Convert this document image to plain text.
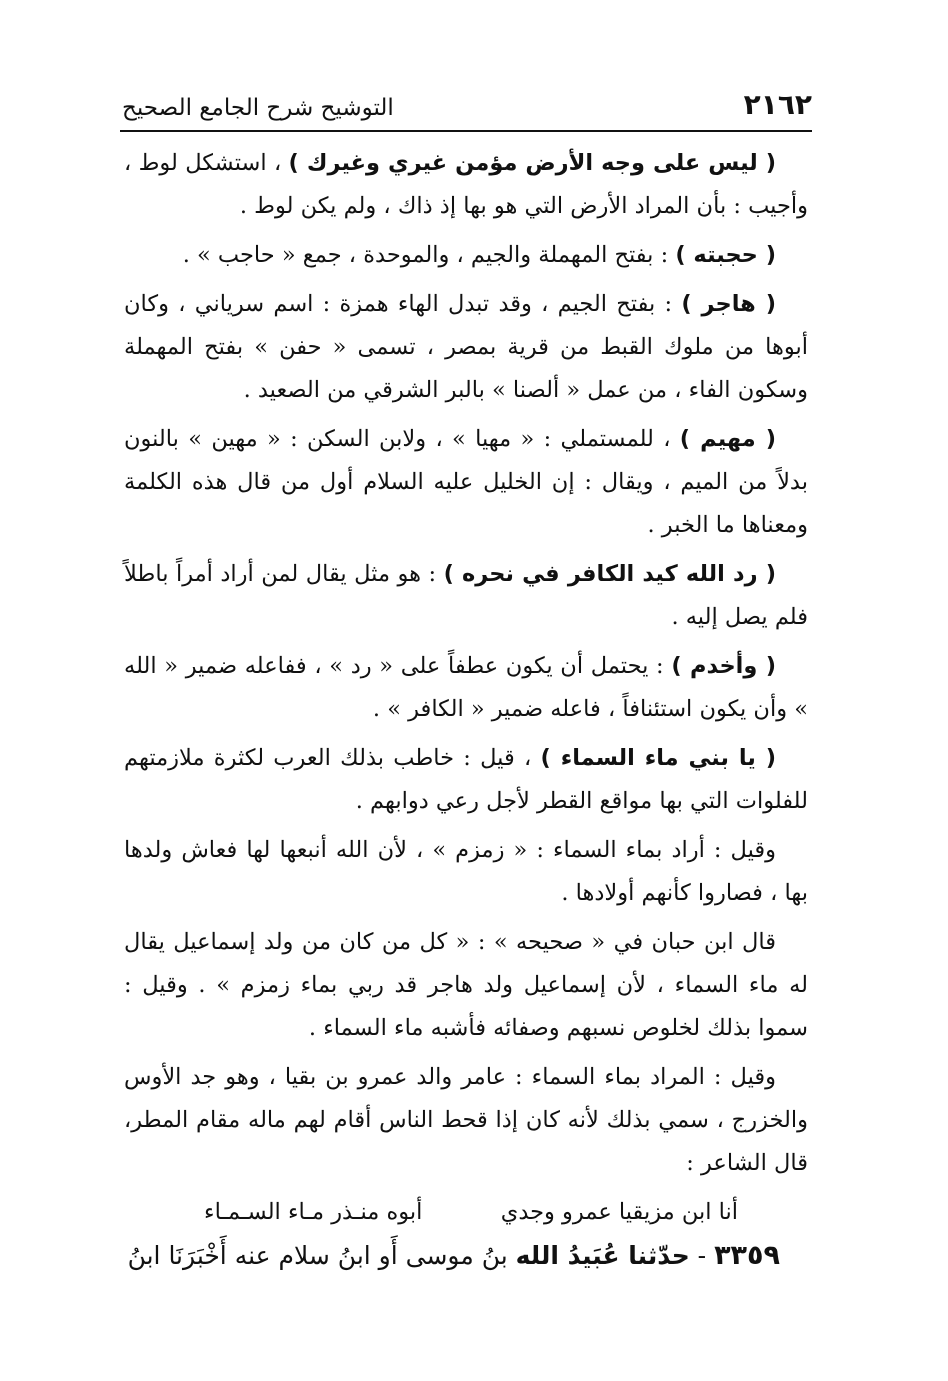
٢١٦٢
التوشيح شرح الجامع الصحيح

( ليس على وجه الأرض مؤمن غيري وغيرك ) ، استشكل لوط ، وأجيب : بأن المراد الأرض التي هو بها إذ ذاك ، ولم يكن لوط .

( حجبته ) : بفتح المهملة والجيم ، والموحدة ، جمع « حاجب » .

( هاجر ) : بفتح الجيم ، وقد تبدل الهاء همزة : اسم سرياني ، وكان أبوها من ملوك القبط من قرية بمصر ، تسمى « حفن » بفتح المهملة وسكون الفاء ، من عمل « ألصنا » بالبر الشرقي من الصعيد .

( مهيم ) ، للمستملي : « مهيا » ، ولابن السكن : « مهين » بالنون بدلاً من الميم ، ويقال : إن الخليل عليه السلام أول من قال هذه الكلمة ومعناها ما الخبر .

( رد الله كيد الكافر في نحره ) : هو مثل يقال لمن أراد أمراً باطلاً فلم يصل إليه .

( وأخدم ) : يحتمل أن يكون عطفاً على « رد » ، ففاعله ضمير « الله » وأن يكون استئنافاً ، فاعله ضمير « الكافر » .

( يا بني ماء السماء ) ، قيل : خاطب بذلك العرب لكثرة ملازمتهم للفلوات التي بها مواقع القطر لأجل رعي دوابهم .

وقيل : أراد بماء السماء : « زمزم » ، لأن الله أنبعها لها فعاش ولدها بها ، فصاروا كأنهم أولادها .

قال ابن حبان في « صحيحه » : « كل من كان من ولد إسماعيل يقال له ماء السماء ، لأن إسماعيل ولد هاجر قد ربي بماء زمزم » . وقيل : سموا بذلك لخلوص نسبهم وصفائه فأشبه ماء السماء .

وقيل : المراد بماء السماء : عامر والد عمرو بن بقيا ، وهو جد الأوس والخزرج ، سمي بذلك لأنه كان إذا قحط الناس أقام لهم ماله مقام المطر، قال الشاعر :

أنا ابن مزيقيا عمرو وجدي
أبوه منـذر مـاء السـمـاء

٣٣٥٩ - حدّثنا عُبَيدُ الله بنُ موسى أَو ابنُ سلام عنه أَخْبَرَنَا ابنُ
